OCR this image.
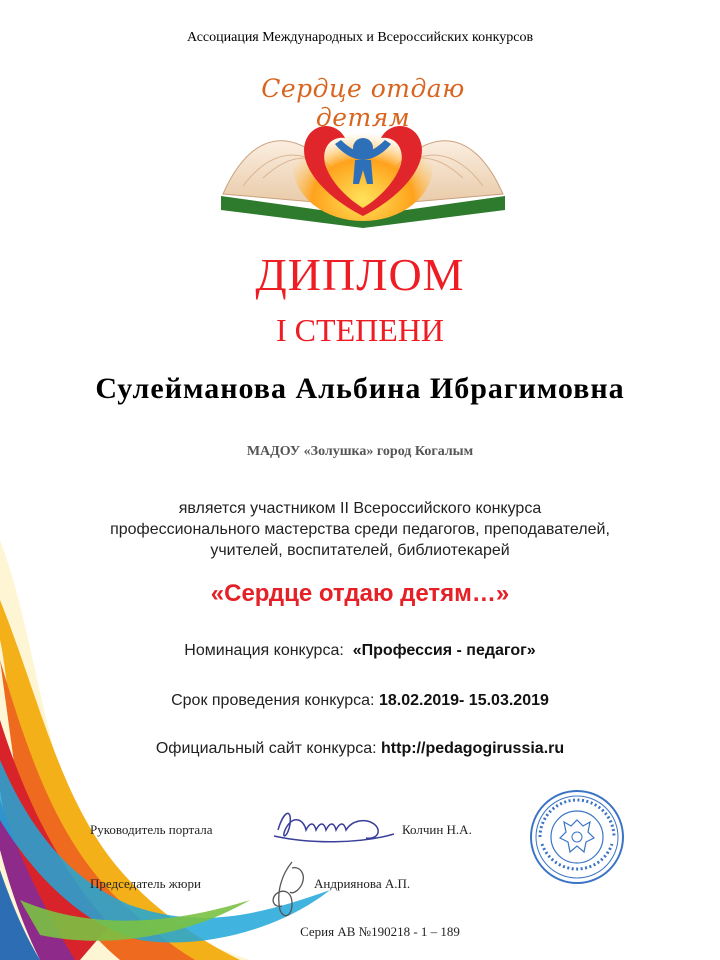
Ассоциация Международных и Всероссийских конкурсов
Сердце отдаю детям
ДИПЛОМ
I СТЕПЕНИ
Сулейманова Альбина Ибрагимовна
МАДОУ «Золушка» город Когалым
является участником II Всероссийского конкурса
профессионального мастерства среди педагогов, преподавателей,
учителей, воспитателей, библиотекарей
«Сердце отдаю детям…»
Номинация конкурса: «Профессия - педагог»
Срок проведения конкурса: 18.02.2019- 15.03.2019
Официальный сайт конкурса: http://pedagogirussia.ru
Руководитель портала	Колчин Н.А.
Председатель жюри	Андриянова А.П.
Серия АВ №190218 - 1 – 189
